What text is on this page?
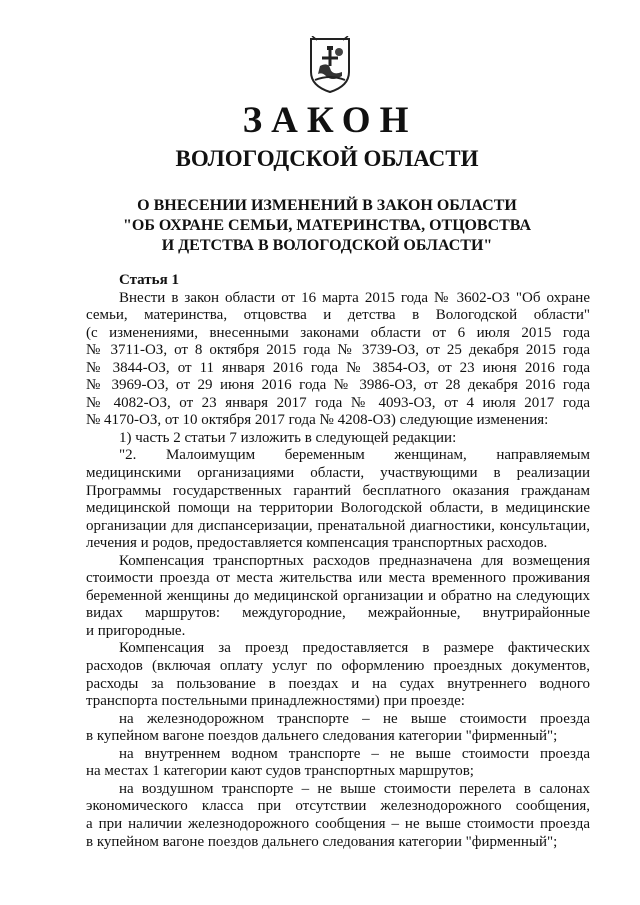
ЗАКОН
ВОЛОГОДСКОЙ ОБЛАСТИ
О ВНЕСЕНИИ ИЗМЕНЕНИЙ В ЗАКОН ОБЛАСТИ
"ОБ ОХРАНЕ СЕМЬИ, МАТЕРИНСТВА, ОТЦОВСТВА
И ДЕТСТВА В ВОЛОГОДСКОЙ ОБЛАСТИ"
Статья 1
Внести в закон области от 16 марта 2015 года № 3602-ОЗ "Об охране
семьи, материнства, отцовства и детства в Вологодской области"
(с изменениями, внесенными законами области от 6 июля 2015 года
№ 3711-ОЗ, от 8 октября 2015 года № 3739-ОЗ, от 25 декабря 2015 года
№ 3844-ОЗ, от 11 января 2016 года № 3854-ОЗ, от 23 июня 2016 года
№ 3969-ОЗ, от 29 июня 2016 года № 3986-ОЗ, от 28 декабря 2016 года
№ 4082-ОЗ, от 23 января 2017 года № 4093-ОЗ, от 4 июля 2017 года
№ 4170-ОЗ, от 10 октября 2017 года № 4208-ОЗ) следующие изменения:
1) часть 2 статьи 7 изложить в следующей редакции:
"2. Малоимущим беременным женщинам, направляемым
медицинскими организациями области, участвующими в реализации
Программы государственных гарантий бесплатного оказания гражданам
медицинской помощи на территории Вологодской области, в медицинские
организации для диспансеризации, пренатальной диагностики, консультации,
лечения и родов, предоставляется компенсация транспортных расходов.
Компенсация транспортных расходов предназначена для возмещения
стоимости проезда от места жительства или места временного проживания
беременной женщины до медицинской организации и обратно на следующих
видах маршрутов: междугородние, межрайонные, внутрирайонные
и пригородные.
Компенсация за проезд предоставляется в размере фактических
расходов (включая оплату услуг по оформлению проездных документов,
расходы за пользование в поездах и на судах внутреннего водного
транспорта постельными принадлежностями) при проезде:
на железнодорожном транспорте – не выше стоимости проезда
в купейном вагоне поездов дальнего следования категории "фирменный";
на внутреннем водном транспорте – не выше стоимости проезда
на местах 1 категории кают судов транспортных маршрутов;
на воздушном транспорте – не выше стоимости перелета в салонах
экономического класса при отсутствии железнодорожного сообщения,
а при наличии железнодорожного сообщения – не выше стоимости проезда
в купейном вагоне поездов дальнего следования категории "фирменный";
